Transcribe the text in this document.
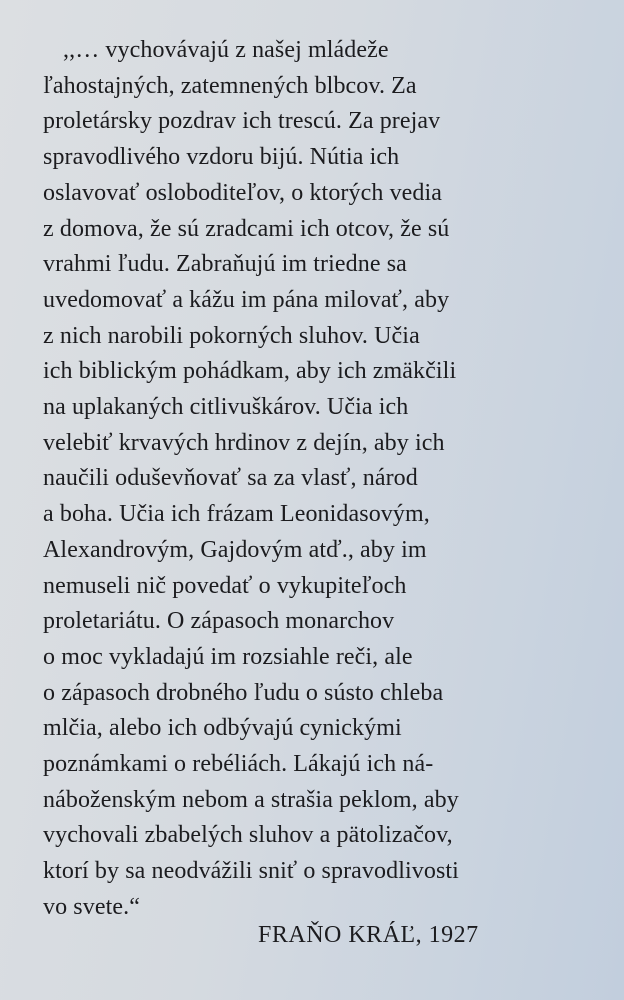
,,… vychovávajú z našej mládeže
ľahostajných, zatemnených blbcov. Za
proletársky pozdrav ich trescú. Za prejav
spravodlivého vzdoru bijú. Nútia ich
oslavovať osloboditeľov, o ktorých vedia
z domova, že sú zradcami ich otcov, že sú
vrahmi ľudu. Zabraňujú im triedne sa
uvedomovať a kážu im pána milovať, aby
z nich narobili pokorných sluhov. Učia
ich biblickým pohádkam, aby ich zmäkčili
na uplakaných citlivuškárov. Učia ich
velebiť krvavých hrdinov z dejín, aby ich
naučili oduševňovať sa za vlasť, národ
a boha. Učia ich frázam Leonidasovým,
Alexandrovým, Gajdovým atď., aby im
nemuseli nič povedať o vykupiteľoch
proletariátu. O zápasoch monarchov
o moc vykladajú im rozsiahle reči, ale
o zápasoch drobného ľudu o sústo chleba
mlčia, alebo ich odbývajú cynickými
poznámkami o rebéliách. Lákajú ich ná-
náboženským nebom a strašia peklom, aby
vychovali zbabelých sluhov a pätolizačov,
ktorí by sa neodvážili sniť o spravodlivosti
vo svete.“
FRAŇO KRÁĽ, 1927
